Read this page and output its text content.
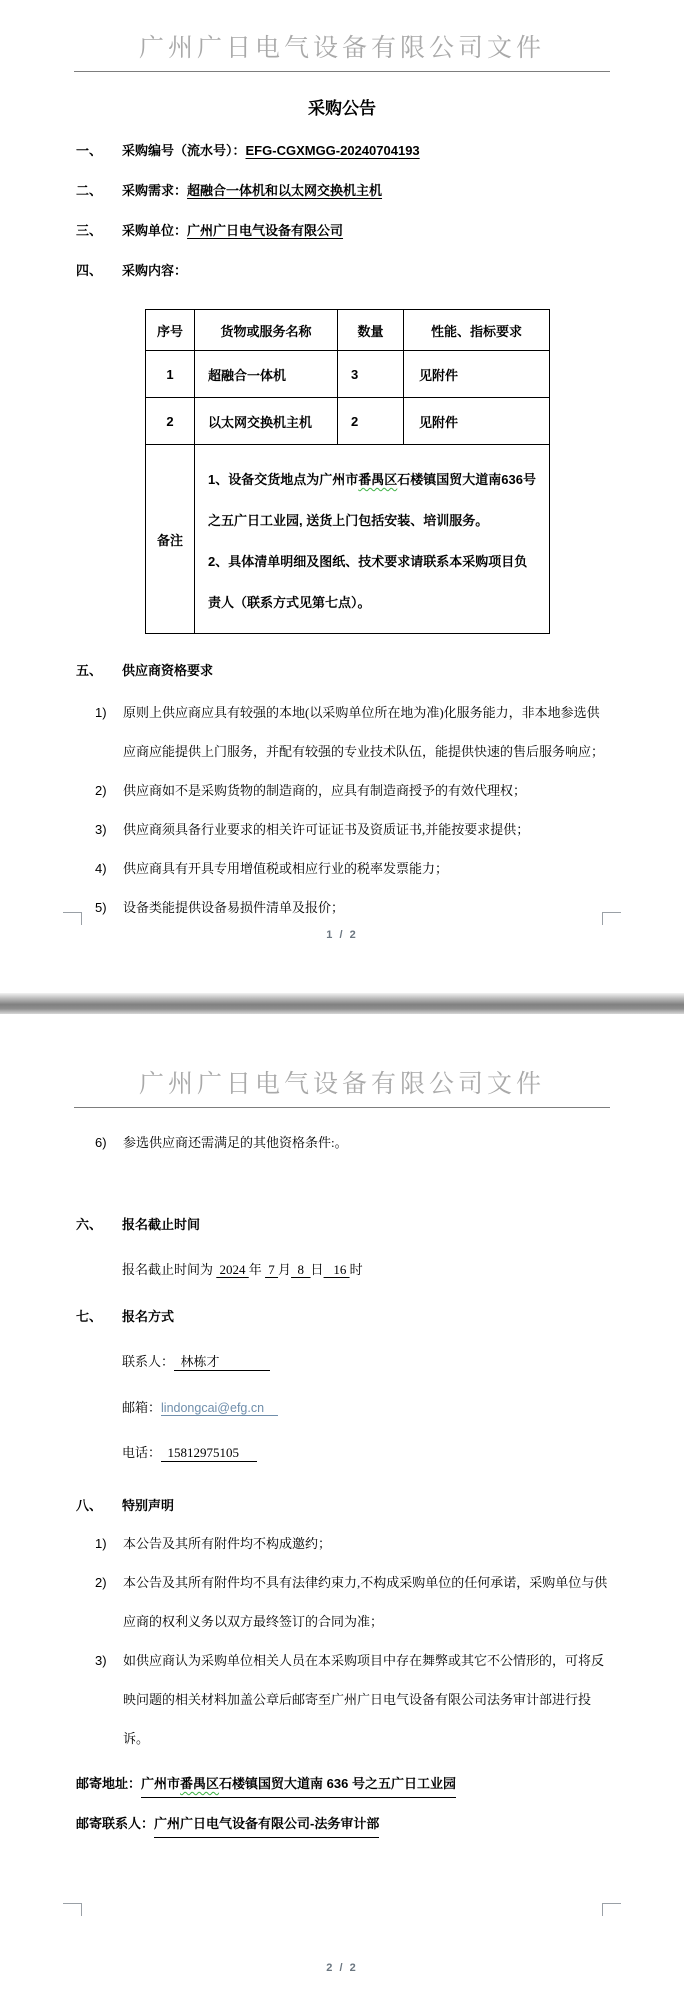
广州广日电气设备有限公司文件
采购公告
一、	采购编号（流水号）：EFG-CGXMGG-20240704193
二、	采购需求：超融合一体机和以太网交换机主机
三、	采购单位：广州广日电气设备有限公司
四、	采购内容：
序号	货物或服务名称	数量	性能、指标要求
1	超融合一体机	3	见附件
2	以太网交换机主机	2	见附件
备注	1、设备交货地点为广州市番禺区石楼镇国贸大道南636号之五广日工业园, 送货上门包括安装、培训服务。
2、具体清单明细及图纸、技术要求请联系本采购项目负责人（联系方式见第七点）。		
五、	供应商资格要求
1)	原则上供应商应具有较强的本地(以采购单位所在地为准)化服务能力，非本地参选供应商应能提供上门服务，并配有较强的专业技术队伍，能提供快速的售后服务响应；
2)	供应商如不是采购货物的制造商的，应具有制造商授予的有效代理权；
3)	供应商须具备行业要求的相关许可证证书及资质证书,并能按要求提供；
4)	供应商具有开具专用增值税或相应行业的税率发票能力；
5)	设备类能提供设备易损件清单及报价；
1 / 2
广州广日电气设备有限公司文件
6)	参选供应商还需满足的其他资格条件:。
六、	报名截止时间
报名截止时间为  2024 年  7 月  8  日   16 时
七、	报名方式
联系人：  林栋才
邮箱：lindongcai@efg.cn
电话：  15812975105
八、	特别声明
1)	本公告及其所有附件均不构成邀约；
2)	本公告及其所有附件均不具有法律约束力,不构成采购单位的任何承诺，采购单位与供应商的权利义务以双方最终签订的合同为准；
3)	如供应商认为采购单位相关人员在本采购项目中存在舞弊或其它不公情形的，可将反映问题的相关材料加盖公章后邮寄至广州广日电气设备有限公司法务审计部进行投诉。
邮寄地址： 广州市番禺区石楼镇国贸大道南 636 号之五广日工业园
邮寄联系人： 广州广日电气设备有限公司-法务审计部
2 / 2
